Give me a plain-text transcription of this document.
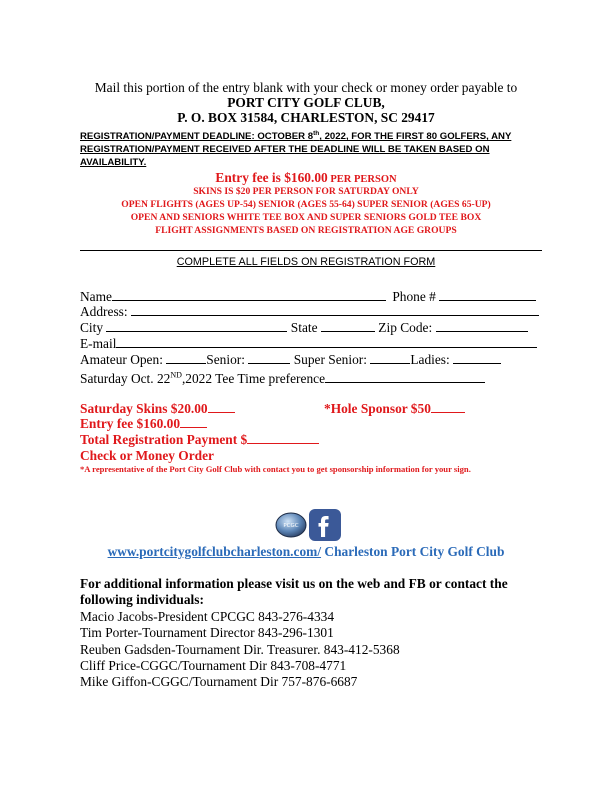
Mail this portion of the entry blank with your check or money order payable to
PORT CITY GOLF CLUB,
P. O. BOX 31584, CHARLESTON, SC 29417
REGISTRATION/PAYMENT DEADLINE: OCTOBER 8th, 2022, FOR THE FIRST 80 GOLFERS, ANY
REGISTRATION/PAYMENT RECEIVED AFTER THE DEADLINE WILL BE TAKEN BASED ON
AVAILABILITY.
Entry fee is $160.00 PER PERSON
SKINS IS $20 PER PERSON FOR SATURDAY ONLY
OPEN FLIGHTS (AGES UP-54) SENIOR (AGES 55-64) SUPER SENIOR (AGES 65-UP)
OPEN AND SENIORS WHITE TEE BOX AND SUPER SENIORS GOLD TEE BOX
FLIGHT ASSIGNMENTS BASED ON REGISTRATION AGE GROUPS
COMPLETE ALL FIELDS ON REGISTRATION FORM
Name	Phone #
Address:
City	State	Zip Code:
E-mail
Amateur Open:	Senior:	Super Senior:	Ladies:
Saturday Oct. 22ND,2022 Tee Time preference
Saturday Skins $20.00	*Hole Sponsor $50
Entry fee $160.00
Total Registration Payment $
Check or Money Order
*A representative of the Port City Golf Club with contact you to get sponsorship information for your sign.
PCGC
www.portcitygolfclubcharleston.com/ Charleston Port City Golf Club
For additional information please visit us on the web and FB or contact the
following individuals:
Macio Jacobs-President CPCGC 843-276-4334
Tim Porter-Tournament Director 843-296-1301
Reuben Gadsden-Tournament Dir. Treasurer. 843-412-5368
Cliff Price-CGGC/Tournament Dir 843-708-4771
Mike Giffon-CGGC/Tournament Dir 757-876-6687
